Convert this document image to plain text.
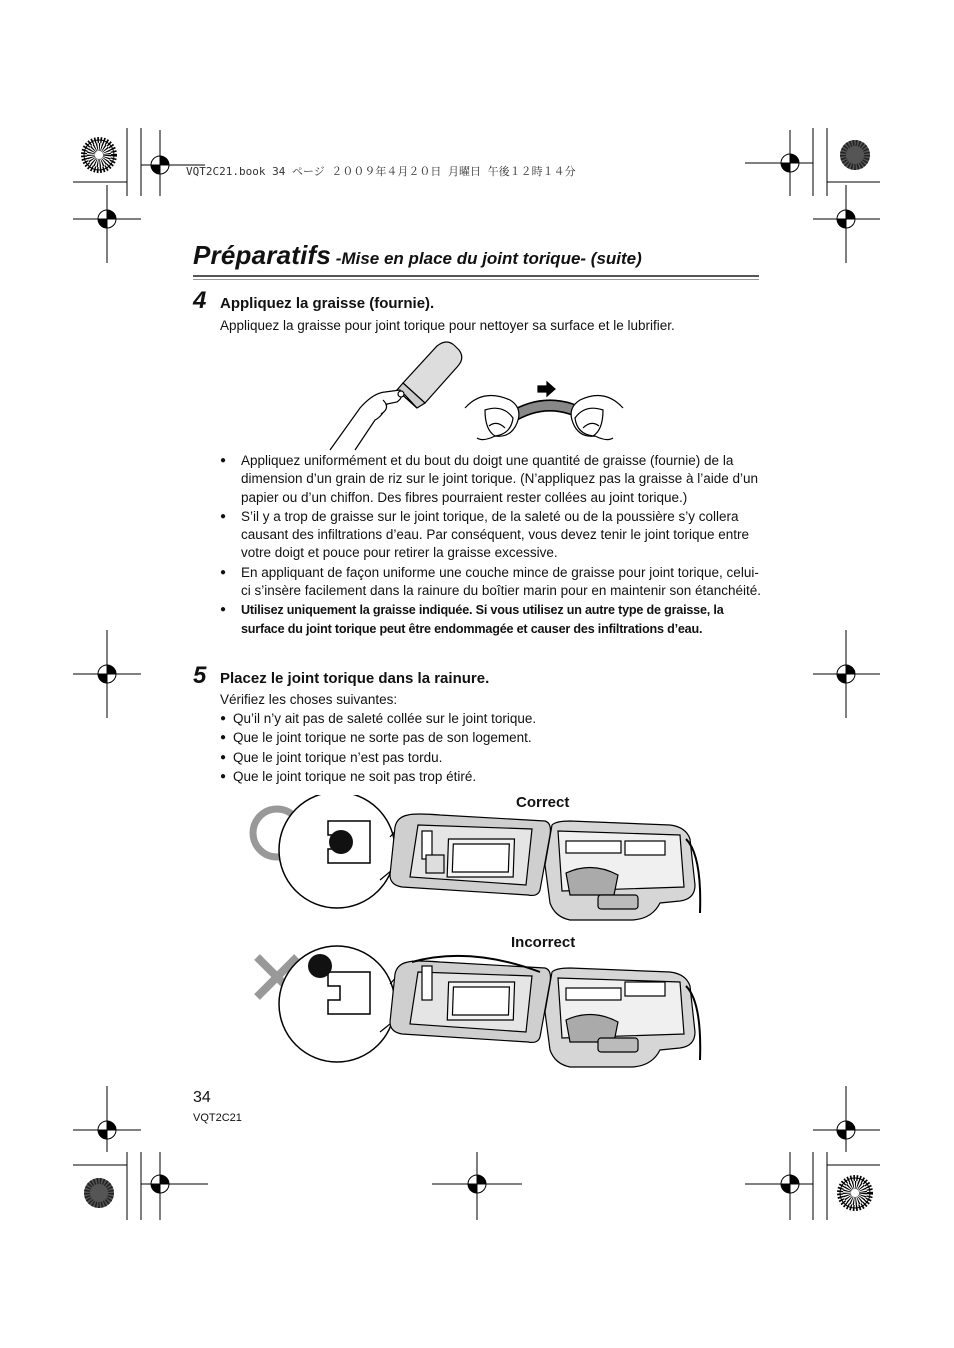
VQT2C21.book 34 ページ ２００９年４月２０日 月曜日 午後１２時１４分
Préparatifs -Mise en place du joint torique- (suite)
4 Appliquez la graisse (fournie).
Appliquez la graisse pour joint torique pour nettoyer sa surface et le lubrifier.
● Appliquez uniformément et du bout du doigt une quantité de graisse (fournie) de la dimension d’un grain de riz sur le joint torique. (N’appliquez pas la graisse à l’aide d’un papier ou d’un chiffon. Des fibres pourraient rester collées au joint torique.)
● S’il y a trop de graisse sur le joint torique, de la saleté ou de la poussière s’y collera causant des infiltrations d’eau. Par conséquent, vous devez tenir le joint torique entre votre doigt et pouce pour retirer la graisse excessive.
● En appliquant de façon uniforme une couche mince de graisse pour joint torique, celui-ci s’insère facilement dans la rainure du boîtier marin pour en maintenir son étanchéité.
● Utilisez uniquement la graisse indiquée. Si vous utilisez un autre type de graisse, la surface du joint torique peut être endommagée et causer des infiltrations d’eau.
5 Placez le joint torique dans la rainure.
Vérifiez les choses suivantes:
● Qu’il n’y ait pas de saleté collée sur le joint torique.
● Que le joint torique ne sorte pas de son logement.
● Que le joint torique n’est pas tordu.
● Que le joint torique ne soit pas trop étiré.
Correct
Incorrect
34
VQT2C21
